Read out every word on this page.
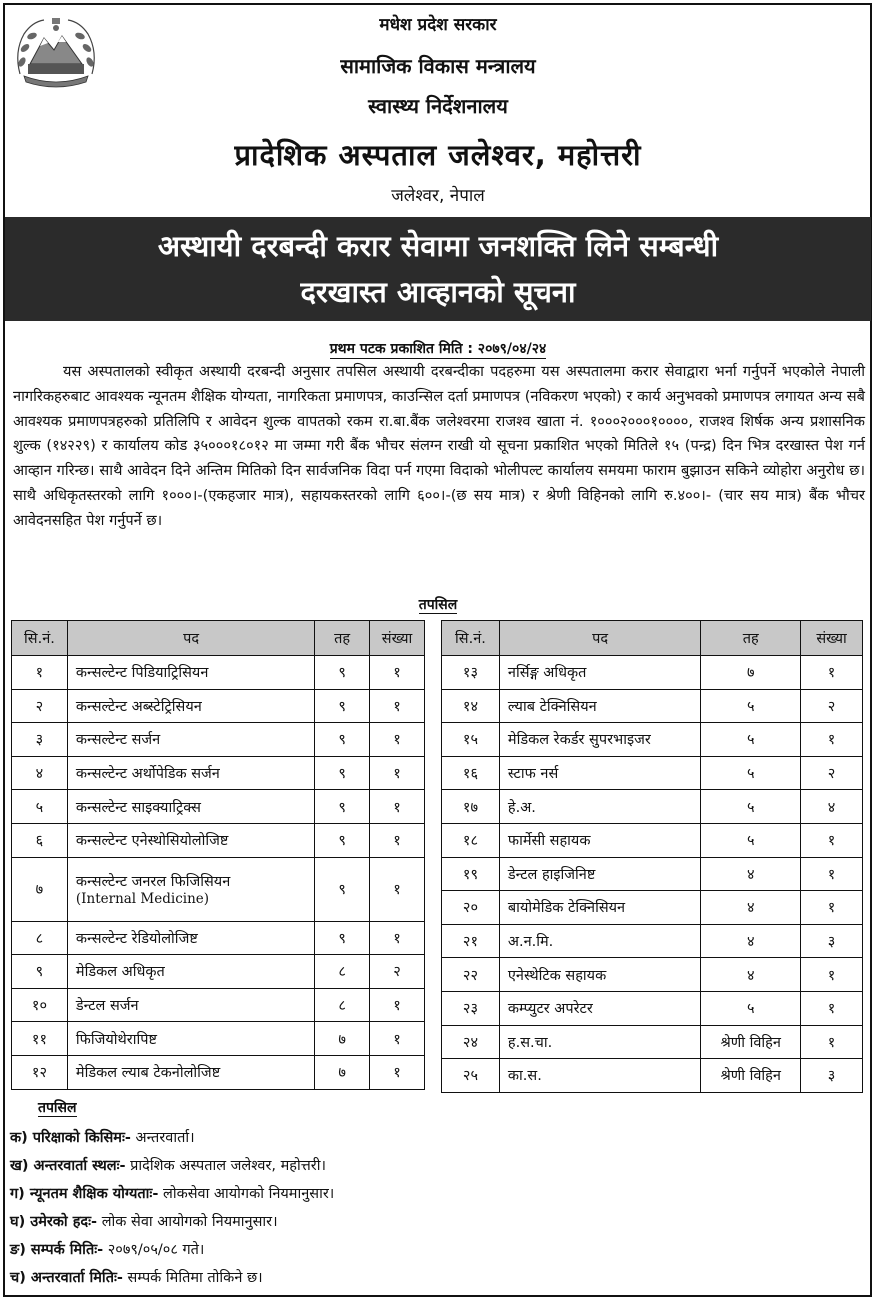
मधेश प्रदेश सरकार
सामाजिक विकास मन्त्रालय
स्वास्थ्य निर्देशनालय
प्रादेशिक अस्पताल जलेश्वर, महोत्तरी
जलेश्वर, नेपाल
अस्थायी दरबन्दी करार सेवामा जनशक्ति लिने सम्बन्धी
दरखास्त आव्हानको सूचना
प्रथम पटक प्रकाशित मिति : २०७९/०४/२४
यस अस्पतालको स्वीकृत अस्थायी दरबन्दी अनुसार तपसिल अस्थायी दरबन्दीका पदहरुमा यस अस्पतालमा करार सेवाद्वारा भर्ना गर्नुपर्ने भएकोले नेपाली नागरिकहरुबाट आवश्यक न्यूनतम शैक्षिक योग्यता, नागरिकता प्रमाणपत्र, काउन्सिल दर्ता प्रमाणपत्र (नविकरण भएको) र कार्य अनुभवको प्रमाणपत्र लगायत अन्य सबै आवश्यक प्रमाणपत्रहरुको प्रतिलिपि र आवेदन शुल्क वापतको रकम रा.बा.बैंक जलेश्वरमा राजश्व खाता नं. १०००२०००१००००, राजश्व शिर्षक अन्य प्रशासनिक शुल्क (१४२२९) र कार्यालय कोड ३५०००१८०१२ मा जम्मा गरी बैंक भौचर संलग्न राखी यो सूचना प्रकाशित भएको मितिले १५ (पन्द्र) दिन भित्र दरखास्त पेश गर्न आव्हान गरिन्छ। साथै आवेदन दिने अन्तिम मितिको दिन सार्वजनिक विदा पर्न गएमा विदाको भोलीपल्ट कार्यालय समयमा फाराम बुझाउन सकिने व्योहोरा अनुरोध छ। साथै अधिकृतस्तरको लागि १०००।-(एकहजार मात्र), सहायकस्तरको लागि ६००।-(छ सय मात्र) र श्रेणी विहिनको लागि रु.४००।- (चार सय मात्र) बैंक भौचर आवेदनसहित पेश गर्नुपर्ने छ।
तपसिल
सि.नं.	पद	तह	संख्या
१	कन्सल्टेन्ट पिडियाट्रिसियन	९	१
२	कन्सल्टेन्ट अब्स्टेट्रिसियन	९	१
३	कन्सल्टेन्ट सर्जन	९	१
४	कन्सल्टेन्ट अर्थोपेडिक सर्जन	९	१
५	कन्सल्टेन्ट साइक्याट्रिक्स	९	१
६	कन्सल्टेन्ट एनेस्थोसियोलोजिष्ट	९	१
७	कन्सल्टेन्ट जनरल फिजिसियन
(Internal Medicine)	९	१
८	कन्सल्टेन्ट रेडियोलोजिष्ट	९	१
९	मेडिकल अधिकृत	८	२
१०	डेन्टल सर्जन	८	१
११	फिजियोथेरापिष्ट	७	१
१२	मेडिकल ल्याब टेकनोलोजिष्ट	७	१
सि.नं.	पद	तह	संख्या
१३	नर्सिङ्ग अधिकृत	७	१
१४	ल्याब टेक्निसियन	५	२
१५	मेडिकल रेकर्डर सुपरभाइजर	५	१
१६	स्टाफ नर्स	५	२
१७	हे.अ.	५	४
१८	फार्मेसी सहायक	५	१
१९	डेन्टल हाइजिनिष्ट	४	१
२०	बायोमेडिक टेक्निसियन	४	१
२१	अ.न.मि.	४	३
२२	एनेस्थेटिक सहायक	४	१
२३	कम्प्युटर अपरेटर	५	१
२४	ह.स.चा.	श्रेणी विहिन	१
२५	का.स.	श्रेणी विहिन	३
तपसिल
क) परिक्षाको किसिमः- अन्तरवार्ता।
ख) अन्तरवार्ता स्थलः- प्रादेशिक अस्पताल जलेश्वर, महोत्तरी।
ग) न्यूनतम शैक्षिक योग्यताः- लोकसेवा आयोगको नियमानुसार।
घ) उमेरको हदः- लोक सेवा आयोगको नियमानुसार।
ङ) सम्पर्क मितिः- २०७९/०५/०८ गते।
च) अन्तरवार्ता मितिः- सम्पर्क मितिमा तोकिने छ।
